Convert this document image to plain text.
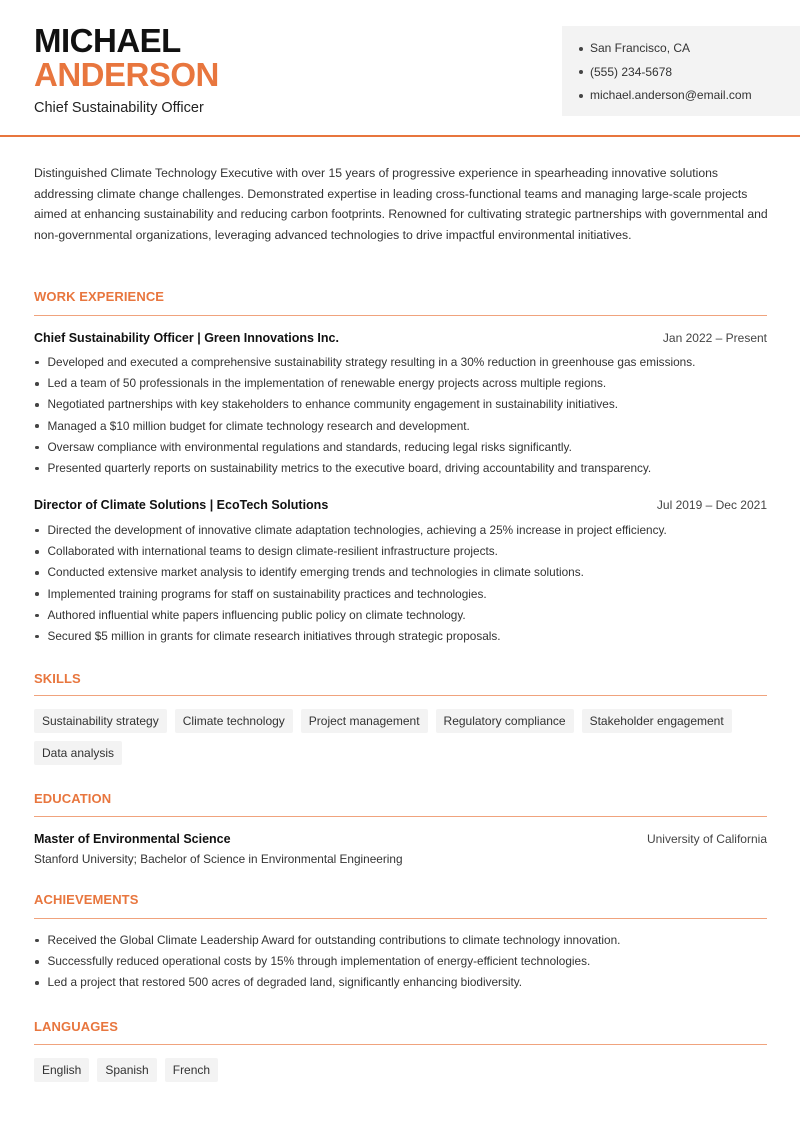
MICHAEL
ANDERSON
Chief Sustainability Officer
San Francisco, CA
(555) 234-5678
michael.anderson@email.com

Distinguished Climate Technology Executive with over 15 years of progressive experience in spearheading innovative solutions addressing climate change challenges. Demonstrated expertise in leading cross-functional teams and managing large-scale projects aimed at enhancing sustainability and reducing carbon footprints. Renowned for cultivating strategic partnerships with governmental and non-governmental organizations, leveraging advanced technologies to drive impactful environmental initiatives.

WORK EXPERIENCE
Chief Sustainability Officer | Green Innovations Inc.	Jan 2022 – Present
Developed and executed a comprehensive sustainability strategy resulting in a 30% reduction in greenhouse gas emissions.
Led a team of 50 professionals in the implementation of renewable energy projects across multiple regions.
Negotiated partnerships with key stakeholders to enhance community engagement in sustainability initiatives.
Managed a $10 million budget for climate technology research and development.
Oversaw compliance with environmental regulations and standards, reducing legal risks significantly.
Presented quarterly reports on sustainability metrics to the executive board, driving accountability and transparency.
Director of Climate Solutions | EcoTech Solutions	Jul 2019 – Dec 2021
Directed the development of innovative climate adaptation technologies, achieving a 25% increase in project efficiency.
Collaborated with international teams to design climate-resilient infrastructure projects.
Conducted extensive market analysis to identify emerging trends and technologies in climate solutions.
Implemented training programs for staff on sustainability practices and technologies.
Authored influential white papers influencing public policy on climate technology.
Secured $5 million in grants for climate research initiatives through strategic proposals.
SKILLS
Sustainability strategy	Climate technology	Project management	Regulatory compliance	Stakeholder engagement
Data analysis
EDUCATION
Master of Environmental Science	University of California
Stanford University; Bachelor of Science in Environmental Engineering
ACHIEVEMENTS
Received the Global Climate Leadership Award for outstanding contributions to climate technology innovation.
Successfully reduced operational costs by 15% through implementation of energy-efficient technologies.
Led a project that restored 500 acres of degraded land, significantly enhancing biodiversity.
LANGUAGES
English	Spanish	French
